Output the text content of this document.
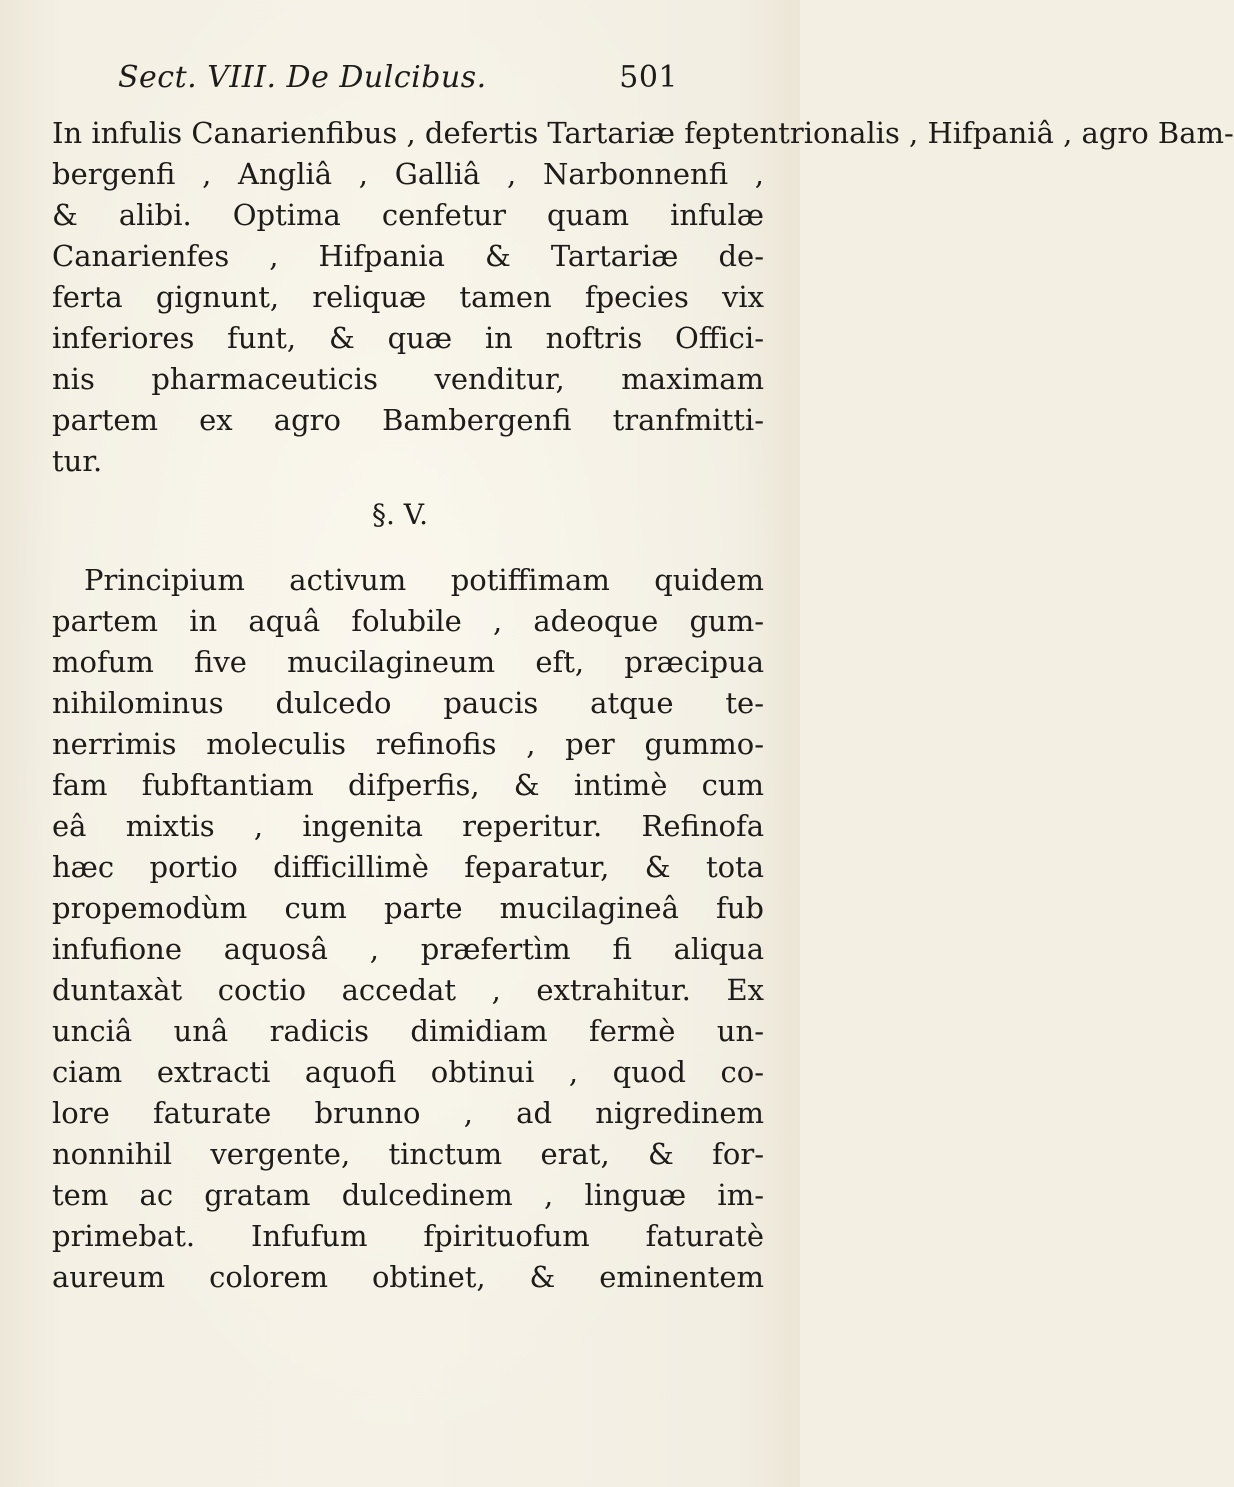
Sect. VIII. De Dulcibus.	501
In infulis Canarienfibus , defertis Tartariæ feptentrionalis , Hifpaniâ , agro Bam-
bergenfi , Angliâ , Galliâ , Narbonnenfi ,
& alibi. Optima cenfetur quam infulæ
Canarienfes , Hifpania & Tartariæ de-
ferta gignunt, reliquæ tamen fpecies vix
inferiores funt, & quæ in noftris Offici-
nis pharmaceuticis venditur, maximam
partem ex agro Bambergenfi tranfmitti-
tur.
§. V.
Principium activum potiffimam quidem
partem in aquâ folubile , adeoque gum-
mofum five mucilagineum eft, præcipua
nihilominus dulcedo paucis atque te-
nerrimis moleculis refinofis , per gummo-
fam fubftantiam difperfis, & intimè cum
eâ mixtis , ingenita reperitur. Refinofa
hæc portio difficillimè feparatur, & tota
propemodùm cum parte mucilagineâ fub
infufione aquosâ , præfertìm fi aliqua
duntaxàt coctio accedat , extrahitur. Ex
unciâ unâ radicis dimidiam fermè un-
ciam extracti aquofi obtinui , quod co-
lore faturate brunno , ad nigredinem
nonnihil vergente, tinctum erat, & for-
tem ac gratam dulcedinem , linguæ im-
primebat. Infufum fpirituofum faturatè
aureum colorem obtinet, & eminentem
